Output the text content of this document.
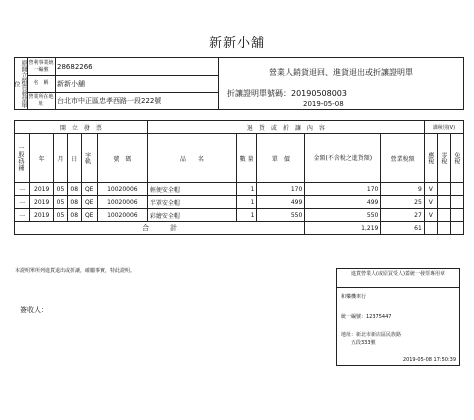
新新小舖
原開立銷貨發票單位
營利事業統一編號	28682266
名　稱	新新小舖
營業所在地址	台北市中正區忠孝西路一段222號
營業人銷貨退回、進貨退出或折讓證明單
折讓證明單號碼：20190508003
2019-05-08
開　立　發　票						退　貨　或　折　讓　內　容					課稅別(V)		

一般/特種	年	月	日	字軌	號　碼	品　　名	數 量	單　價	金額(不含稅之進貨額)	營業稅額	應稅	零稅	免稅

一	2019	05	08	QE	10020006	輕便安全帽	1	170	170	9	V		
一	2019	05	08	QE	10020006	半罩安全帽	1	499	499	25	V		
一	2019	05	08	QE	10020006	彩繪安全帽	1	550	550	27	V		
合　　　計									1,219	61			
本證明單所列進貨退出或折讓，確屬事實，特此證明。
簽收人：
進貨營業人(或原買受人)蓋統一發票專用章
和樂機車行
統一編號：12375447
地址：新北市新店區民族路
五段333號
2019-05-08 17:50:39
